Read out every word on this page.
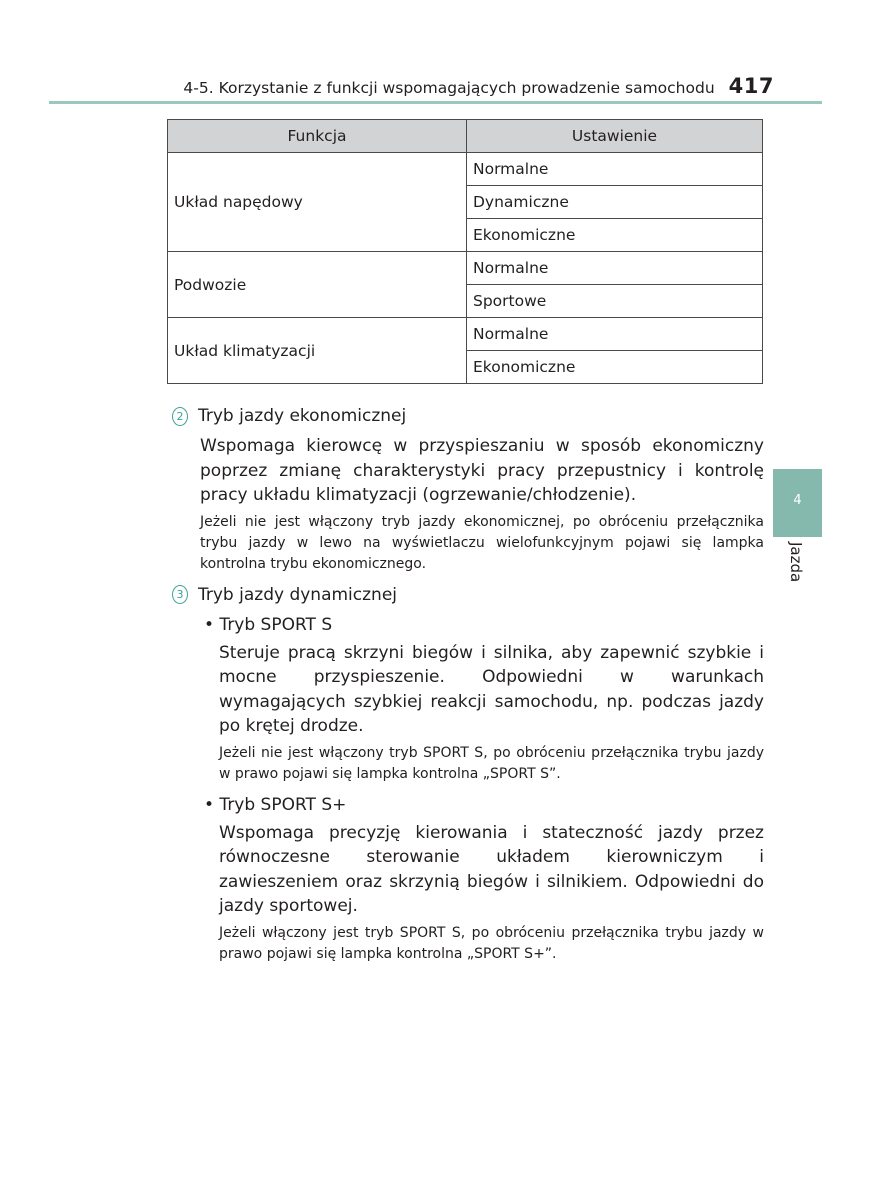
4-5. Korzystanie z funkcji wspomagających prowadzenie samochodu 417
Funkcja	Ustawienie
Układ napędowy	Normalne
	Dynamiczne
	Ekonomiczne
Podwozie	Normalne
	Sportowe
Układ klimatyzacji	Normalne
	Ekonomiczne
2 Tryb jazdy ekonomicznej

Wspomaga kierowcę w przyspieszaniu w sposób ekonomiczny poprzez zmianę charakterystyki pracy przepustnicy i kontrolę pracy układu klimatyzacji (ogrzewanie/chłodzenie).

Jeżeli nie jest włączony tryb jazdy ekonomicznej, po obróceniu przełącznika trybu jazdy w lewo na wyświetlaczu wielofunkcyjnym pojawi się lampka kontrolna trybu ekonomicznego.

3 Tryb jazdy dynamicznej
• Tryb SPORT S

Steruje pracą skrzyni biegów i silnika, aby zapewnić szybkie i mocne przyspieszenie. Odpowiedni w warunkach wymagających szybkiej reakcji samochodu, np. podczas jazdy po krętej drodze.

Jeżeli nie jest włączony tryb SPORT S, po obróceniu przełącznika trybu jazdy w prawo pojawi się lampka kontrolna „SPORT S”.

• Tryb SPORT S+

Wspomaga precyzję kierowania i stateczność jazdy przez równoczesne sterowanie układem kierowniczym i zawieszeniem oraz skrzynią biegów i silnikiem. Odpowiedni do jazdy sportowej.

Jeżeli włączony jest tryb SPORT S, po obróceniu przełącznika trybu jazdy w prawo pojawi się lampka kontrolna „SPORT S+”.

4
Jazda
